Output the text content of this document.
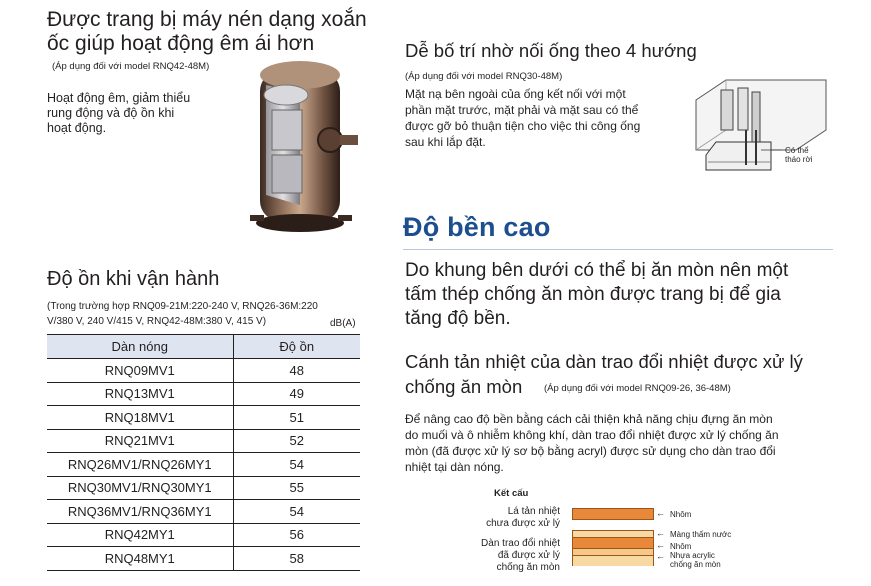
Được trang bị máy nén dạng xoắn
ốc giúp hoạt động êm ái hơn
(Áp dụng đối với model RNQ42-48M)
Hoạt động êm, giảm thiểu
rung động và độ ồn khi
hoạt động.
Độ ồn khi vận hành
(Trong trường hợp RNQ09-21M:220-240 V, RNQ26-36M:220
V/380 V, 240 V/415 V, RNQ42-48M:380 V, 415 V)	dB(A)
Dàn nóng	Độ ồn
RNQ09MV1	48
RNQ13MV1	49
RNQ18MV1	51
RNQ21MV1	52
RNQ26MV1/RNQ26MY1	54
RNQ30MV1/RNQ30MY1	55
RNQ36MV1/RNQ36MY1	54
RNQ42MY1	56
RNQ48MY1	58
Dễ bố trí nhờ nối ống theo 4 hướng
(Áp dụng đối với model RNQ30-48M)
Mặt nạ bên ngoài của ống kết nối với một
phần mặt trước, mặt phải và mặt sau có thể
được gỡ bỏ thuận tiện cho việc thi công ống
sau khi lắp đặt.
Có thể
tháo rời
Độ bền cao
Do khung bên dưới có thể bị ăn mòn nên một
tấm thép chống ăn mòn được trang bị để gia
tăng độ bền.
Cánh tản nhiệt của dàn trao đổi nhiệt được xử lý
chống ăn mòn (Áp dụng đối với model RNQ09-26, 36-48M)
Để nâng cao độ bền bằng cách cải thiện khả năng chịu đựng ăn mòn
do muối và ô nhiễm không khí, dàn trao đổi nhiệt được xử lý chống ăn
mòn (đã được xử lý sơ bộ bằng acryl) được sử dụng cho dàn trao đổi
nhiệt tại dàn nóng.
Kết cấu
Lá tản nhiệt
chưa được xử lý
← Nhôm
Dàn trao đổi nhiệt
đã được xử lý
chống ăn mòn
← Màng thấm nước
← Nhôm
← Nhựa acrylic
chống ăn mòn
